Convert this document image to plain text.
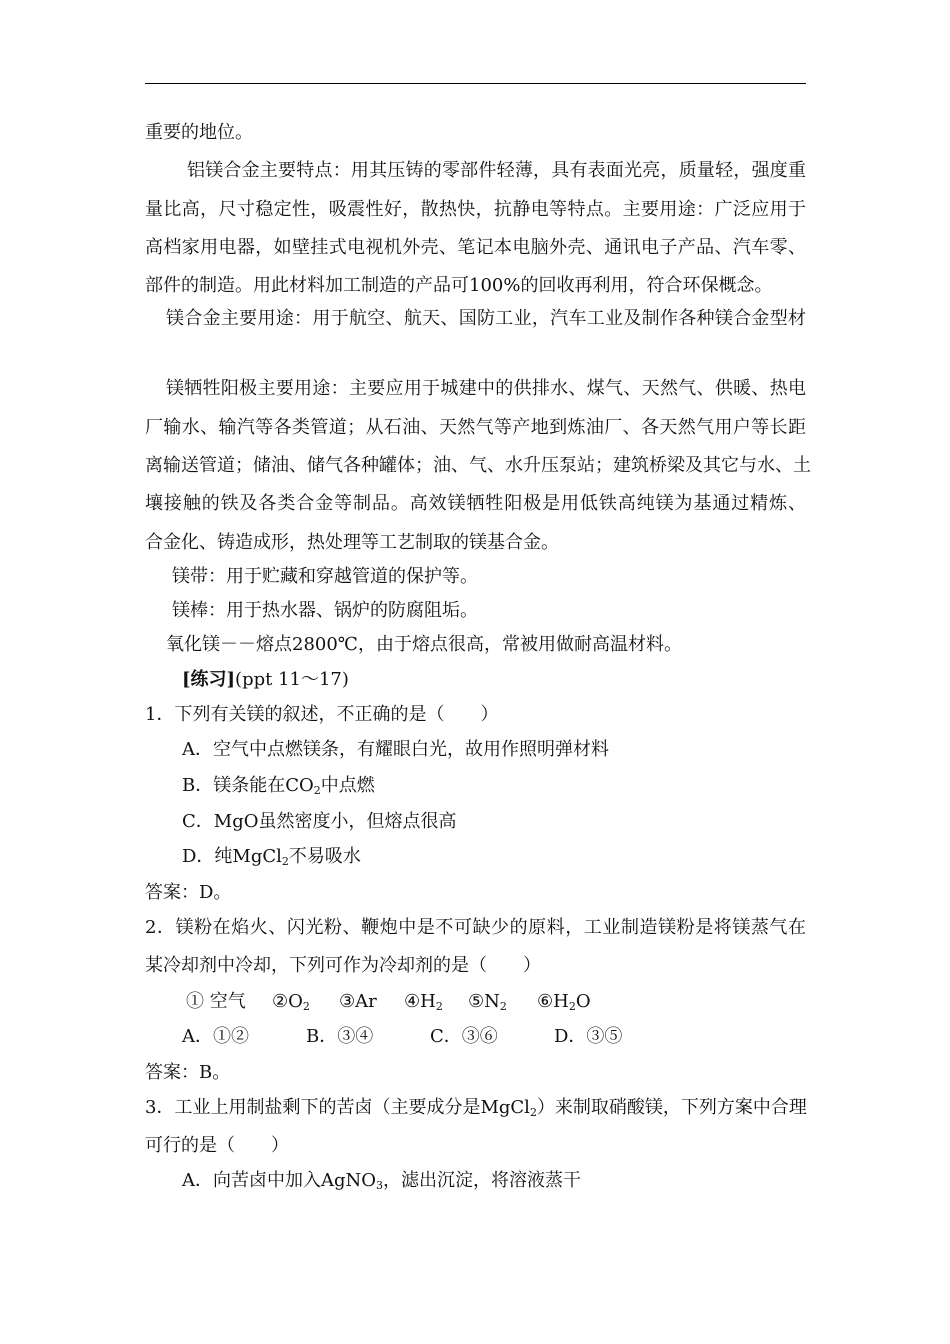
重要的地位。
铝镁合金主要特点：用其压铸的零部件轻薄，具有表面光亮，质量轻，强度重
量比高，尺寸稳定性，吸震性好，散热快，抗静电等特点。主要用途：广泛应用于
高档家用电器，如壁挂式电视机外壳、笔记本电脑外壳、通讯电子产品、汽车零、
部件的制造。用此材料加工制造的产品可100%的回收再利用，符合环保概念。
镁合金主要用途：用于航空、航天、国防工业，汽车工业及制作各种镁合金型材
镁牺牲阳极主要用途：主要应用于城建中的供排水、煤气、天然气、供暖、热电
厂输水、输汽等各类管道；从石油、天然气等产地到炼油厂、各天然气用户等长距
离输送管道；储油、储气各种罐体；油、气、水升压泵站；建筑桥梁及其它与水、土
壤接触的铁及各类合金等制品。高效镁牺牲阳极是用低铁高纯镁为基通过精炼、
合金化、铸造成形，热处理等工艺制取的镁基合金。
镁带：用于贮藏和穿越管道的保护等。
镁棒：用于热水器、锅炉的防腐阻垢。
氧化镁－－熔点2800℃，由于熔点很高，常被用做耐高温材料。
[练习](ppt 11～17)
1．下列有关镁的叙述，不正确的是（　　）
A．空气中点燃镁条，有耀眼白光，故用作照明弹材料
B．镁条能在$CO_2$中点燃
C．MgO虽然密度小，但熔点很高
D．纯MgCl$_2$不易吸水
答案：D。
2．镁粉在焰火、闪光粉、鞭炮中是不可缺少的原料，工业制造镁粉是将镁蒸气在
某冷却剂中冷却，下列可作为冷却剂的是（　　）
① 空气 $②O_2$ ③Ar $④H_2$ $⑤N_2$ $⑥H_2O$
A．①②	B．③④	C．③⑥	D．③⑤
答案：B。
3．工业上用制盐剩下的苦卤（主要成分是MgCl$_2$）来制取硝酸镁，下列方案中合理
可行的是（　　）
A．向苦卤中加入AgNO$_3$，滤出沉淀，将溶液蒸干
